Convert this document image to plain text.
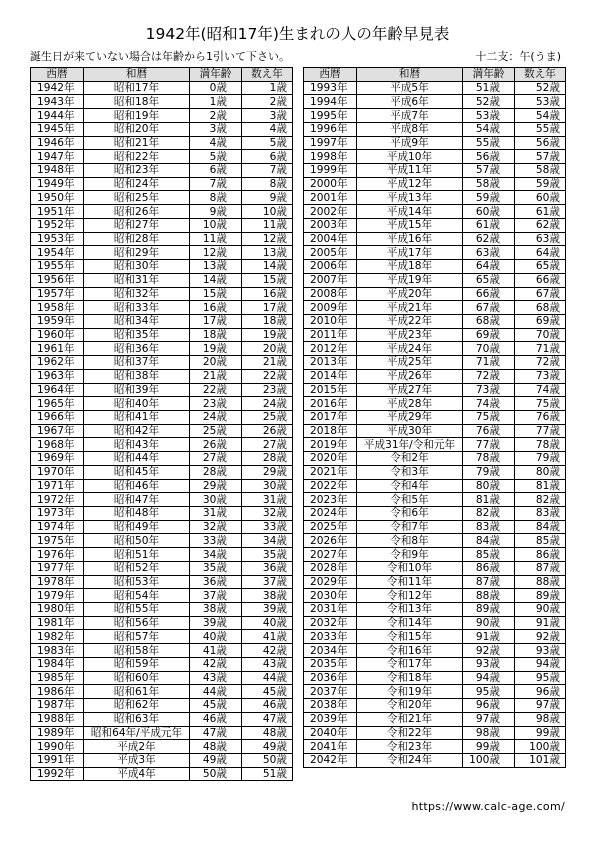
1942年(昭和17年)生まれの人の年齢早見表
誕生日が来ていない場合は年齢から1引いて下さい。	十二支：午(うま)
西暦	和暦	満年齢	数え年
1942年	昭和17年	0歳	1歳
1943年	昭和18年	1歳	2歳
1944年	昭和19年	2歳	3歳
1945年	昭和20年	3歳	4歳
1946年	昭和21年	4歳	5歳
1947年	昭和22年	5歳	6歳
1948年	昭和23年	6歳	7歳
1949年	昭和24年	7歳	8歳
1950年	昭和25年	8歳	9歳
1951年	昭和26年	9歳	10歳
1952年	昭和27年	10歳	11歳
1953年	昭和28年	11歳	12歳
1954年	昭和29年	12歳	13歳
1955年	昭和30年	13歳	14歳
1956年	昭和31年	14歳	15歳
1957年	昭和32年	15歳	16歳
1958年	昭和33年	16歳	17歳
1959年	昭和34年	17歳	18歳
1960年	昭和35年	18歳	19歳
1961年	昭和36年	19歳	20歳
1962年	昭和37年	20歳	21歳
1963年	昭和38年	21歳	22歳
1964年	昭和39年	22歳	23歳
1965年	昭和40年	23歳	24歳
1966年	昭和41年	24歳	25歳
1967年	昭和42年	25歳	26歳
1968年	昭和43年	26歳	27歳
1969年	昭和44年	27歳	28歳
1970年	昭和45年	28歳	29歳
1971年	昭和46年	29歳	30歳
1972年	昭和47年	30歳	31歳
1973年	昭和48年	31歳	32歳
1974年	昭和49年	32歳	33歳
1975年	昭和50年	33歳	34歳
1976年	昭和51年	34歳	35歳
1977年	昭和52年	35歳	36歳
1978年	昭和53年	36歳	37歳
1979年	昭和54年	37歳	38歳
1980年	昭和55年	38歳	39歳
1981年	昭和56年	39歳	40歳
1982年	昭和57年	40歳	41歳
1983年	昭和58年	41歳	42歳
1984年	昭和59年	42歳	43歳
1985年	昭和60年	43歳	44歳
1986年	昭和61年	44歳	45歳
1987年	昭和62年	45歳	46歳
1988年	昭和63年	46歳	47歳
1989年	昭和64年/平成元年	47歳	48歳
1990年	平成2年	48歳	49歳
1991年	平成3年	49歳	50歳
1992年	平成4年	50歳	51歳
西暦	和暦	満年齢	数え年
1993年	平成5年	51歳	52歳
1994年	平成6年	52歳	53歳
1995年	平成7年	53歳	54歳
1996年	平成8年	54歳	55歳
1997年	平成9年	55歳	56歳
1998年	平成10年	56歳	57歳
1999年	平成11年	57歳	58歳
2000年	平成12年	58歳	59歳
2001年	平成13年	59歳	60歳
2002年	平成14年	60歳	61歳
2003年	平成15年	61歳	62歳
2004年	平成16年	62歳	63歳
2005年	平成17年	63歳	64歳
2006年	平成18年	64歳	65歳
2007年	平成19年	65歳	66歳
2008年	平成20年	66歳	67歳
2009年	平成21年	67歳	68歳
2010年	平成22年	68歳	69歳
2011年	平成23年	69歳	70歳
2012年	平成24年	70歳	71歳
2013年	平成25年	71歳	72歳
2014年	平成26年	72歳	73歳
2015年	平成27年	73歳	74歳
2016年	平成28年	74歳	75歳
2017年	平成29年	75歳	76歳
2018年	平成30年	76歳	77歳
2019年	平成31年/令和元年	77歳	78歳
2020年	令和2年	78歳	79歳
2021年	令和3年	79歳	80歳
2022年	令和4年	80歳	81歳
2023年	令和5年	81歳	82歳
2024年	令和6年	82歳	83歳
2025年	令和7年	83歳	84歳
2026年	令和8年	84歳	85歳
2027年	令和9年	85歳	86歳
2028年	令和10年	86歳	87歳
2029年	令和11年	87歳	88歳
2030年	令和12年	88歳	89歳
2031年	令和13年	89歳	90歳
2032年	令和14年	90歳	91歳
2033年	令和15年	91歳	92歳
2034年	令和16年	92歳	93歳
2035年	令和17年	93歳	94歳
2036年	令和18年	94歳	95歳
2037年	令和19年	95歳	96歳
2038年	令和20年	96歳	97歳
2039年	令和21年	97歳	98歳
2040年	令和22年	98歳	99歳
2041年	令和23年	99歳	100歳
2042年	令和24年	100歳	101歳
https://www.calc-age.com/
